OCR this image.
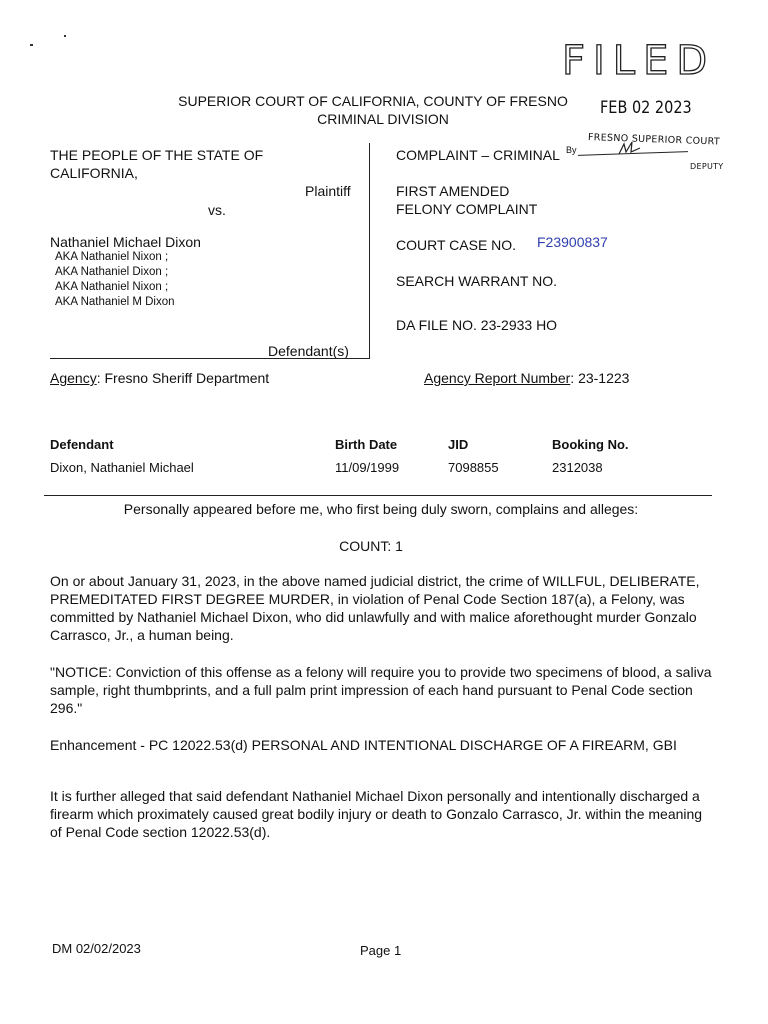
FILED
FEB 02 2023
FRESNO SUPERIOR COURT
By
DEPUTY
SUPERIOR COURT OF CALIFORNIA, COUNTY OF FRESNO
CRIMINAL DIVISION
THE PEOPLE OF THE STATE OF
CALIFORNIA,
Plaintiff
vs.
Nathaniel Michael Dixon
AKA Nathaniel Nixon ;
AKA Nathaniel Dixon ;
AKA Nathaniel Nixon ;
AKA Nathaniel M Dixon
Defendant(s)
COMPLAINT – CRIMINAL
FIRST AMENDED
FELONY COMPLAINT
COURT CASE NO. F23900837
SEARCH WARRANT NO.
DA FILE NO. 23-2933 HO
Agency: Fresno Sheriff Department	Agency Report Number: 23-1223
Defendant	Birth Date	JID	Booking No.
Dixon, Nathaniel Michael	11/09/1999	7098855	2312038
Personally appeared before me, who first being duly sworn, complains and alleges:
COUNT: 1
On or about January 31, 2023, in the above named judicial district, the crime of WILLFUL, DELIBERATE, PREMEDITATED FIRST DEGREE MURDER, in violation of Penal Code Section 187(a), a Felony, was committed by Nathaniel Michael Dixon, who did unlawfully and with malice aforethought murder Gonzalo Carrasco, Jr., a human being.
"NOTICE: Conviction of this offense as a felony will require you to provide two specimens of blood, a saliva sample, right thumbprints, and a full palm print impression of each hand pursuant to Penal Code section 296."
Enhancement - PC 12022.53(d) PERSONAL AND INTENTIONAL DISCHARGE OF A FIREARM, GBI
It is further alleged that said defendant Nathaniel Michael Dixon personally and intentionally discharged a firearm which proximately caused great bodily injury or death to Gonzalo Carrasco, Jr. within the meaning of Penal Code section 12022.53(d).
DM 02/02/2023	Page 1
